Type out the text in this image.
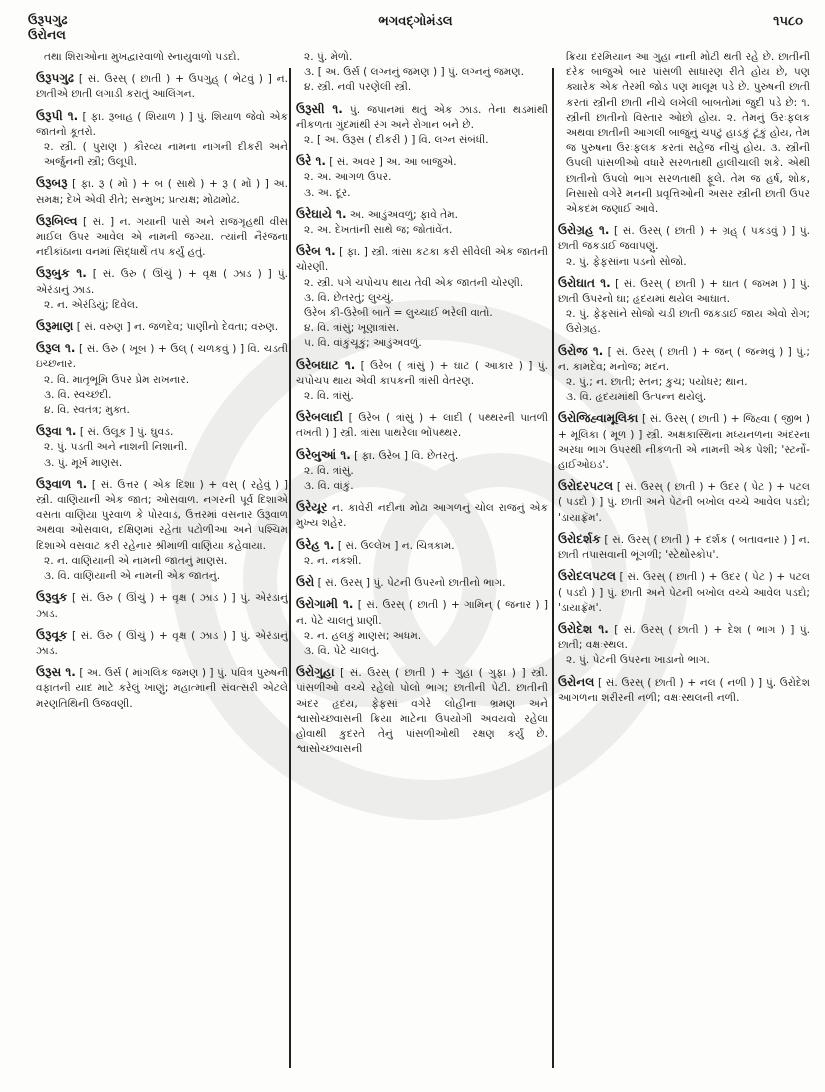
ઉરૂપગુઢ
ઉરોનલ
ભગવદ્ગોમંડલ	૧૫૮૦

તથા શિરાઓના મુખદ્વારવાળો સ્નાયુવાળો પડદો.

ઉરૂપગુઢ [ સં. ઉરસ્ ( છાતી ) + ઉપગુહ્ ( ભેટવું ) ] ન. છાતીએ છાતી લગાડી કરાતું આલિંગન.

ઉરૂપી ૧. [ ફા. રૂબાહ ( શિયાળ ) ] પું. શિયાળ જેવો એક જાતનો કૂતરો.

૨. સ્ત્રી. ( પુરાણ ) કૌરવ્ય નામના નાગની દીકરી અને અર્જુનની સ્ત્રી; ઉલૂપી.

ઉરૂબરૂ [ ફા. રૂ ( મોં ) + બ ( સાથે ) + રૂ ( મોં ) ] અ. સમક્ષ; દેખે એવી રીતે; સન્મુખ; પ્રત્યક્ષ; મોઢામોઢ.

ઉરૂબિલ્વ [ સં. ] ન. ગયાની પાસે અને રાજગૃહથી વીસ માઈલ ઉપર આવેલ એ નામની જગ્યા. ત્યાંની નૈરંજના નદીકાંઠાના વનમાં સિદ્ધાર્થે તપ કર્યું હતું.

ઉરૂબુક ૧. [ સં. ઉરુ ( ઊંચું ) + વૃક્ષ ( ઝાડ ) ] પું. એરંડાનું ઝાડ.

૨. ન. એરંડિયું; દિવેલ.

ઉરૂમાણ [ સં. વરુણ ] ન. જળદેવ; પાણીનો દેવતા; વરુણ.

ઉરૂલ ૧. [ સં. ઉરુ ( ખૂબ ) + ઉલ્ ( ચળકવું ) ] વિ. ચડતી ઇચ્છનાર.

૨. વિ. માતૃભૂમિ ઉપર પ્રેમ રાખનાર.

૩. વિ. સ્વચ્છંદી.

૪. વિ. સ્વતંત્ર; મુક્ત.

ઉરૂવા ૧. [ સં. ઉલૂક ] પું. ઘુવડ.

૨. પું. પડતી અને નાશની નિશાની.

૩. પું. મૂર્ખ માણસ.

ઉરૂવાળ ૧. [ સં. ઉત્તર ( એક દિશા ) + વસ્ ( રહેવું ) ] સ્ત્રી. વાણિયાની એક જાત; ઓસવાળ. નગરની પૂર્વ દિશાએ વસતા વાણિયા પુરવાળ કે પોરવાડ, ઉત્તરમાં વસનાર ઉરૂવાળ અથવા ઓસવાલ, દક્ષિણમાં રહેતા પટોળીઆ અને પશ્ચિમ દિશાએ વસવાટ કરી રહેનાર શ્રીમાળી વાણિયા કહેવાયા.

૨. ન. વાણિયાની એ નામની જાતનું માણસ.

૩. વિ. વાણિયાની એ નામની એક જાતનું.

ઉરૂવુક [ સં. ઉરુ ( ઊંચું ) + વૃક્ષ ( ઝાડ ) ] પું. એરંડાનું ઝાડ.

ઉરૂવૂક [ સં. ઉરુ ( ઊંચું ) + વૃક્ષ ( ઝાડ ) ] પું. એરંડાનું ઝાડ.

ઉરૂસ ૧. [ અ. ઉર્સ ( માંગલિક જમણ ) ] પું. પવિત્ર પુરુષની વફાતની યાદ માટે કરેલું ખાણું; મહાત્માની સંવત્સરી એટલે મરણતિથિની ઉજવણી.

૨. પું. મેળો.

૩. [ અ. ઉર્સ ( લગ્નનું જમણ ) ] પું. લગ્નનું જમણ.

૪. સ્ત્રી. નવી પરણેલી સ્ત્રી.

ઉરૂસી ૧. પું. જપાનમાં થતું એક ઝાડ. તેના થડમાંથી નીકળતા ગુંદમાંથી રંગ અને રોગાન બને છે.

૨. [ અ. ઉરૂસ ( દીકરી ) ] વિ. લગ્ન સંબંધી.

ઉરે ૧. [ સં. અવર ] અ. આ બાજુએ.

૨. અ. આગળ ઉપર.

૩. અ. દૂર.

ઉરેઘાયે ૧. અ. આડુંઅવળું; ફાવે તેમ.

૨. અ. દેખતાંની સાથે જ; જોતાંવેંત.

ઉરેબ ૧. [ ફા. ] સ્ત્રી. ત્રાંસા કટકા કરી સીવેલી એક જાતની ચોરણી.

૨. સ્ત્રી. પગે ચપોચપ થાય તેવી એક જાતની ચોરણી.

૩. વિ. છેતરતું; લુચ્ચું.

ઉરેબ કી-ઉરેબી બાતેં = લુચ્ચાઈ ભરેલી વાતો.

૪. વિ. ત્રાંસું; ખૂણાત્રાંસ.

૫. વિ. વાંકુંચૂકું; આડુંઅવળું.

ઉરેબઘાટ ૧. [ ઉરેબ ( ત્રાંસું ) + ઘાટ ( આકાર ) ] પું. ચપોચપ થાય એવી કાપકની ત્રાંસી વેતરણ.

૨. વિ. ત્રાંસું.

ઉરેબલાદી [ ઉરેબ ( ત્રાંસું ) + લાદી ( પથ્થરની પાતળી તખતી ) ] સ્ત્રી. ત્રાંસા પાથરેલા ભોંપથ્થર.

ઉરેબુઆં ૧. [ ફા. ઉરેબ ] વિ. છેતરતું.

૨. વિ. ત્રાંસું.

૩. વિ. વાંકું.

ઉરેયૂર ન. કાવેરી નદીના મોઢા આગળનું ચોલ રાજનું એક મુખ્ય શહેર.

ઉરેહ ૧. [ સં. ઉલ્લેખ ] ન. ચિત્રકામ.

૨. ન. નકશી.

ઉરો [ સં. ઉરસ્ ] પું. પેટની ઉપરનો છાતીનો ભાગ.

ઉરોગામી ૧. [ સં. ઉરસ્ ( છાતી ) + ગામિન્ ( જનાર ) ] ન. પેટે ચાલતું પ્રાણી.

૨. ન. હલકું માણસ; અધમ.

૩. વિ. પેટે ચાલતું.

ઉરોગુહા [ સં. ઉરસ્ ( છાતી ) + ગુહા ( ગુફા ) ] સ્ત્રી. પાંસળીઓ વચ્ચે રહેલો પોલો ભાગ; છાતીની પેટી. છાતીની અંદર હૃદય, ફેફસાં વગેરે લોહીના ભ્રમણ અને શ્વાસોચ્છ્વાસની ક્રિયા માટેના ઉપયોગી અવયવો રહેલા હોવાથી કુદરતે તેનું પાંસળીઓથી રક્ષણ કર્યું છે. શ્વાસોચ્છ્વાસની

ક્રિયા દરમિયાન આ ગુહા નાની મોટી થતી રહે છે. છાતીની દરેક બાજુએ બાર પાંસળી સાધારણ રીતે હોય છે, પણ ક્યારેક એક તેરમી જોડ પણ માલૂમ પડે છે. પુરુષની છાતી કરતાં સ્ત્રીની છાતી નીચે લખેલી બાબતોમાં જુદી પડે છે: ૧. સ્ત્રીની છાતીનો વિસ્તાર ઓછો હોય. ૨. તેમનું ઉરઃફલક અથવા છાતીની આગલી બાજુનું ચપટું હાડકું ટૂંકું હોય, તેમ જ પુરુષના ઉરઃફલક કરતાં સહેજ નીચું હોય. ૩. સ્ત્રીની ઉપલી પાંસળીઓ વધારે સરળતાથી હાલીચાલી શકે. એથી છાતીનો ઉપલો ભાગ સરળતાથી ફૂલે. તેમ જ હર્ષ, શોક, નિસાસો વગેરે મનની પ્રવૃત્તિઓની અસર સ્ત્રીની છાતી ઉપર એકદમ જણાઈ આવે.

ઉરોગ્રહ ૧. [ સં. ઉરસ્ ( છાતી ) + ગ્રહ્ ( પકડવું ) ] પું. છાતી જકડાઈ જવાપણું.

૨. પું. ફેફસાંના પડનો સોજો.

ઉરોઘાત ૧. [ સં. ઉરસ્ ( છાતી ) + ઘાત ( જખમ ) ] પું. છાતી ઉપરનો ઘા; હૃદયમાં થયેલ આઘાત.

૨. પું. ફેફસાંને સોજો ચડી છાતી જકડાઈ જાય એવો રોગ; ઉરોગ્રહ.

ઉરોજ ૧. [ સં. ઉરસ્ ( છાતી ) + જન્ ( જન્મવું ) ] પું.; ન. કામદેવ; મનોજ; મદન.

૨. પું.; ન. છાતી; સ્તન; કુચ; પયોધર; થાન.

૩. વિ. હૃદયમાંથી ઉત્પન્ન થયેલું.

ઉરોજિહ્વામૂલિકા [ સં. ઉરસ્ ( છાતી ) + જિહ્વા ( જીભ ) + મૂલિકા ( મૂળ ) ] સ્ત્રી. અક્ષકાસ્થિના મધ્યનળના અંદરના અરધા ભાગ ઉપરથી નીકળતી એ નામની એક પેશી; 'સ્ટર્નો-હાઈઓઇડ'.

ઉરોદરપટલ [ સં. ઉરસ્ ( છાતી ) + ઉદર ( પેટ ) + પટલ ( પડદો ) ] પું. છાતી અને પેટની બખોલ વચ્ચે આવેલ પડદો; 'ડાયાફ્રૅમ'.

ઉરોદર્શક [ સં. ઉરસ્ ( છાતી ) + દર્શક ( બતાવનાર ) ] ન. છાતી તપાસવાની ભૂંગળી; 'સ્ટેથોસ્કોપ'.

ઉરોદલપટલ [ સં. ઉરસ્ ( છાતી ) + ઉદર ( પેટ ) + પટલ ( પડદો ) ] પું. છાતી અને પેટની બખોલ વચ્ચે આવેલ પડદો; 'ડાયાફ્રૅમ'.

ઉરોદેશ ૧. [ સં. ઉરસ્ ( છાતી ) + દેશ ( ભાગ ) ] પું. છાતી; વક્ષઃસ્થલ.

૨. પું. પેટની ઉપરના ખાડાનો ભાગ.

ઉરોનલ [ સં. ઉરસ્ ( છાતી ) + નલ ( નળી ) ] પું. ઉરોદેશ આગળના શરીરની નળી; વક્ષઃસ્થલની નળી.
